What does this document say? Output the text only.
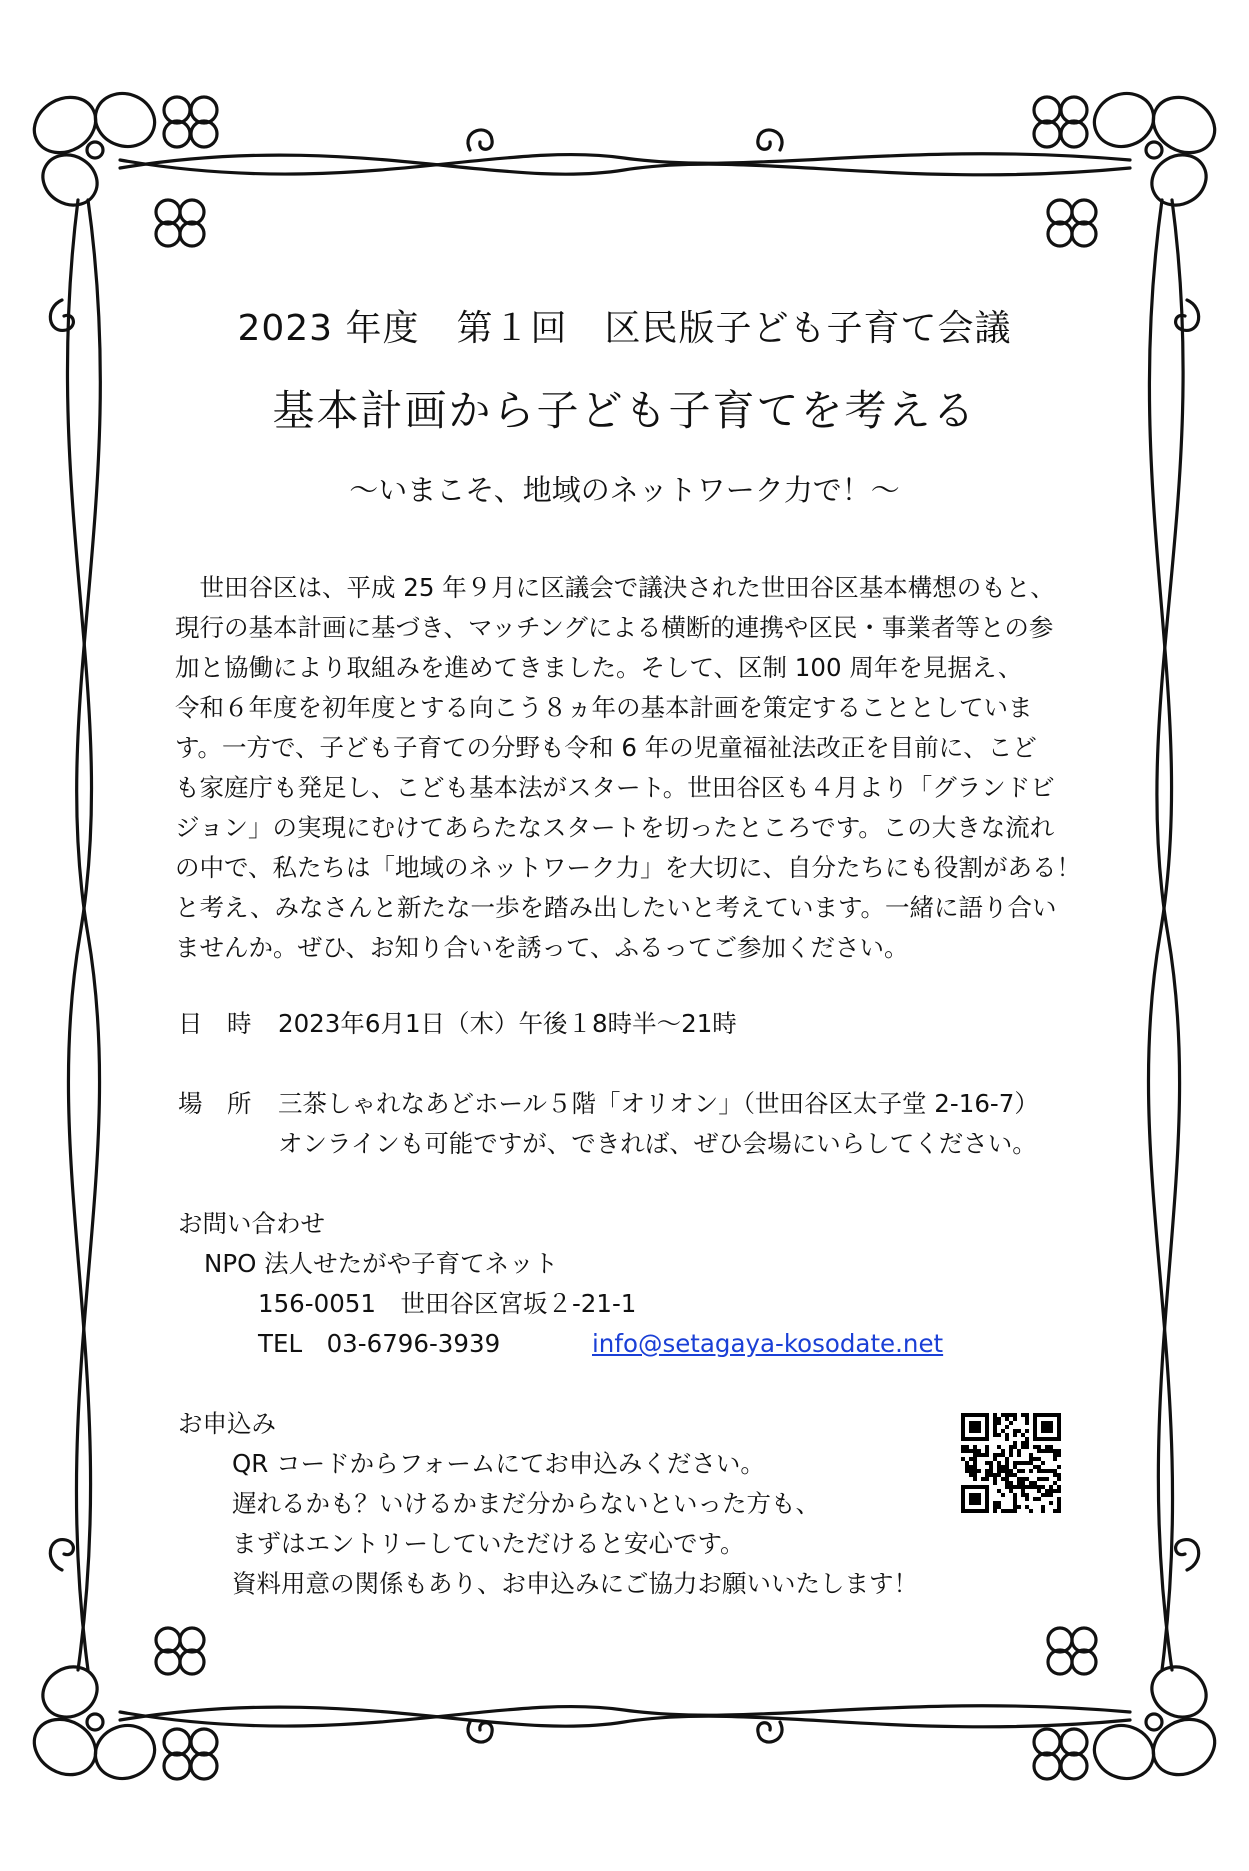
2023 年度　第１回　区民版子ども子育て会議
基本計画から子ども子育てを考える
～いまこそ、地域のネットワーク力で！～
　世田谷区は、平成 25 年９月に区議会で議決された世田谷区基本構想のもと、
現行の基本計画に基づき、マッチングによる横断的連携や区民・事業者等との参
加と協働により取組みを進めてきました。そして、区制 100 周年を見据え、
令和６年度を初年度とする向こう８ヵ年の基本計画を策定することとしていま
す。一方で、子ども子育ての分野も令和 6 年の児童福祉法改正を目前に、こど
も家庭庁も発足し、こども基本法がスタート。世田谷区も４月より「グランドビ
ジョン」の実現にむけてあらたなスタートを切ったところです。この大きな流れ
の中で、私たちは「地域のネットワーク力」を大切に、自分たちにも役割がある！
と考え、みなさんと新たな一歩を踏み出したいと考えています。一緒に語り合い
ませんか。ぜひ、お知り合いを誘って、ふるってご参加ください。
日　時 2023年6月1日（木）午後１8時半～21時
場　所 三茶しゃれなあどホール５階「オリオン」（世田谷区太子堂 2-16-7）
オンラインも可能ですが、できれば、ぜひ会場にいらしてください。
お問い合わせ
NPO 法人せたがや子育てネット
156-0051　世田谷区宮坂２-21-1
TEL　03-6796-3939	info@setagaya-kosodate.net
お申込み
QR コードからフォームにてお申込みください。
遅れるかも？いけるかまだ分からないといった方も、
まずはエントリーしていただけると安心です。
資料用意の関係もあり、お申込みにご協力お願いいたします！
